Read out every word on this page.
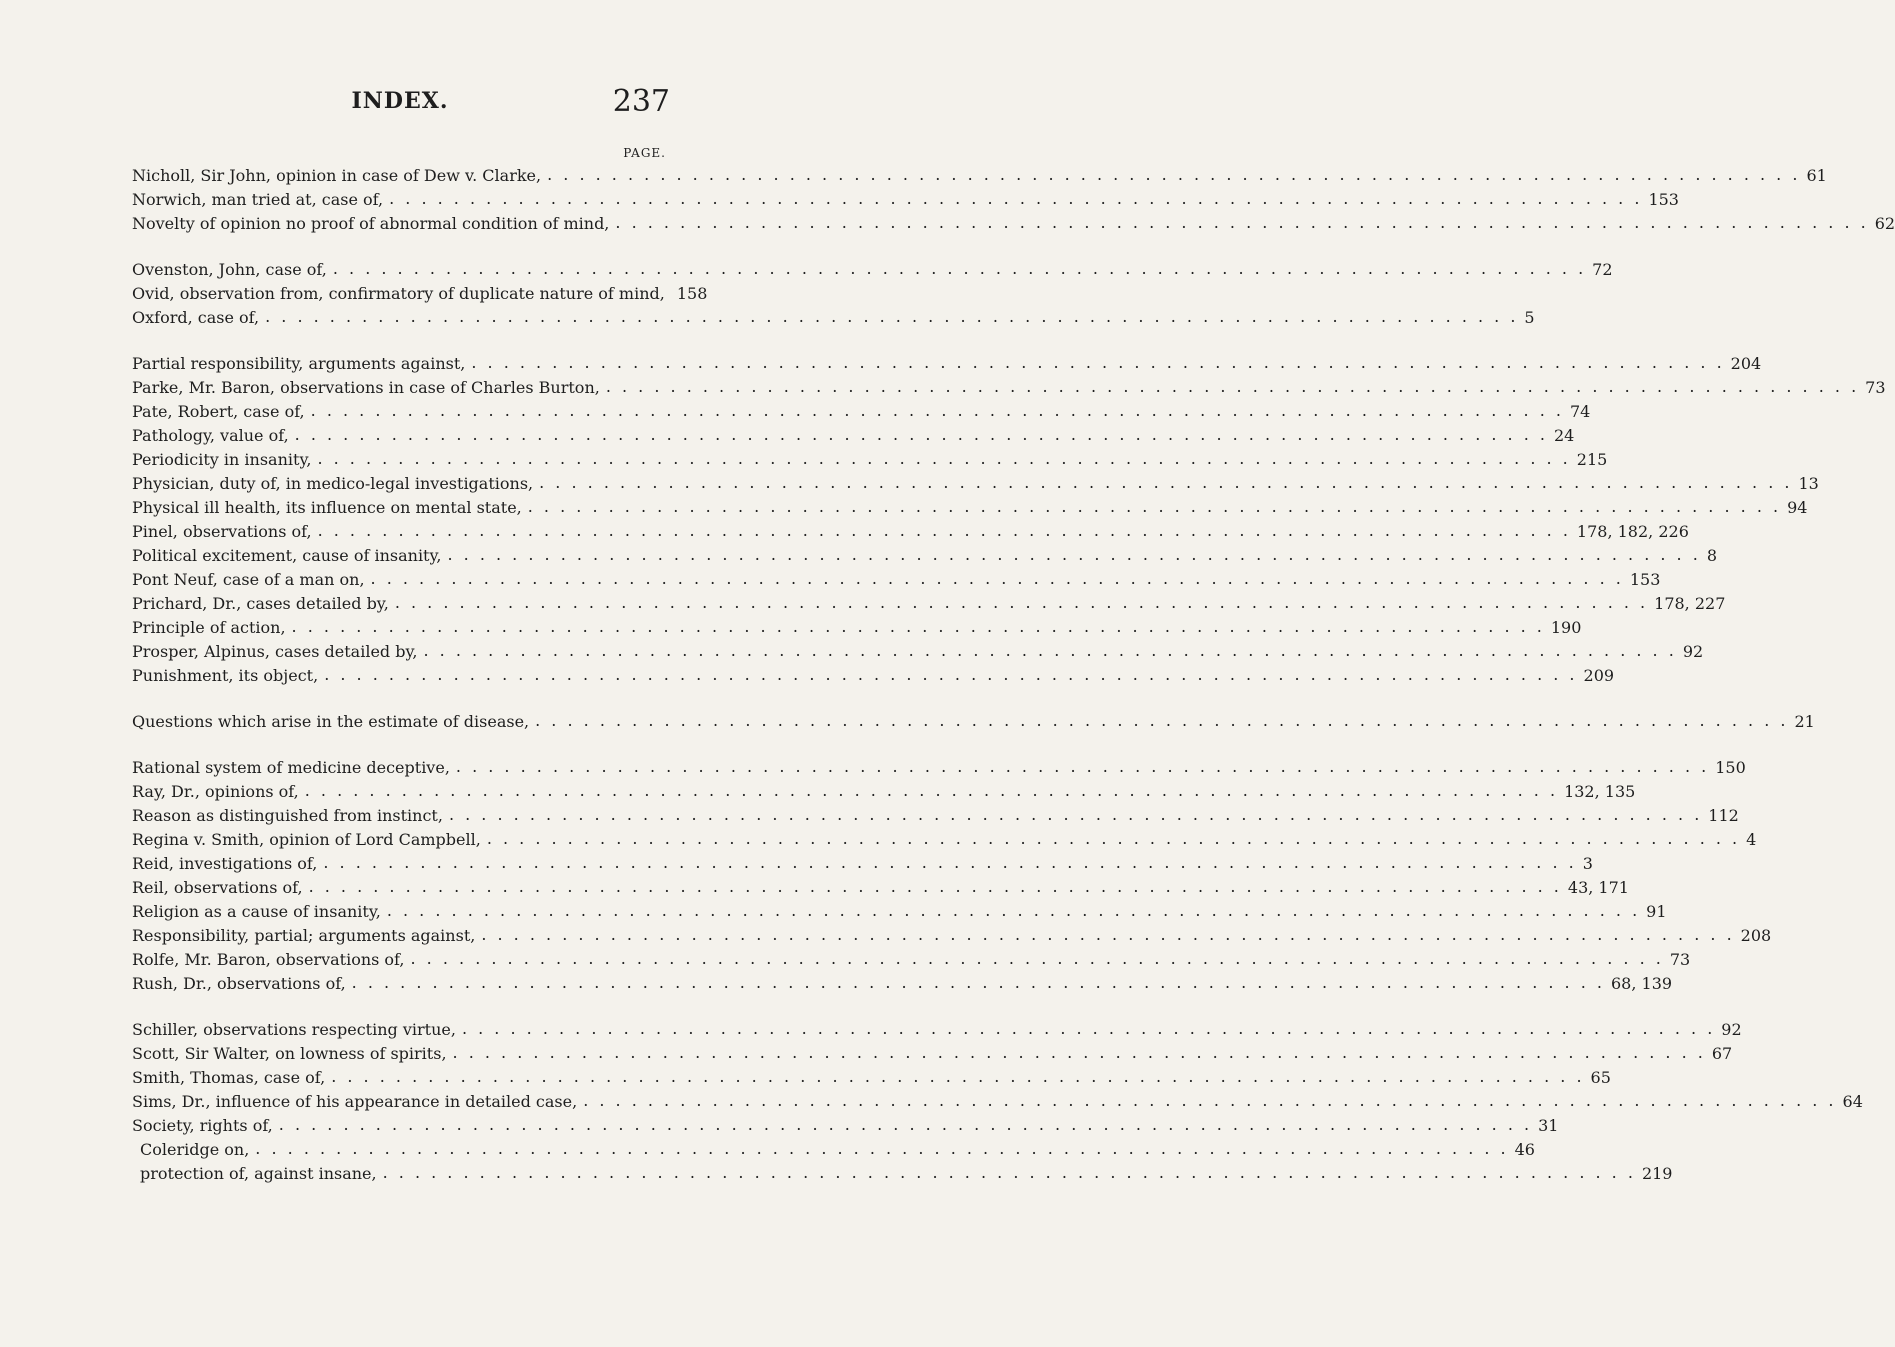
INDEX.	237
PAGE.
Nicholl, Sir John, opinion in case of Dew v. Clarke, . . .	61
Norwich, man tried at, case of, . . .	153
Novelty of opinion no proof of abnormal condition of mind, . . .	62
Ovenston, John, case of, . . .	72
Ovid, observation from, confirmatory of duplicate nature of mind, 158
Oxford, case of, . . .	5
Partial responsibility, arguments against, . . .	204
Parke, Mr. Baron, observations in case of Charles Burton, . . .	73
Pate, Robert, case of, . . .	74
Pathology, value of, . . .	24
Periodicity in insanity, . . .	215
Physician, duty of, in medico-legal investigations, . . .	13
Physical ill health, its influence on mental state, . . .	94
Pinel, observations of, . . .	178, 182, 226
Political excitement, cause of insanity, . . .	8
Pont Neuf, case of a man on, . . .	153
Prichard, Dr., cases detailed by, . . .	178, 227
Principle of action, . . .	190
Prosper, Alpinus, cases detailed by, . . .	92
Punishment, its object, . . .	209
Questions which arise in the estimate of disease, . . .	21
Rational system of medicine deceptive, . . .	150
Ray, Dr., opinions of, . . .	132, 135
Reason as distinguished from instinct, . . .	112
Regina v. Smith, opinion of Lord Campbell, . . .	4
Reid, investigations of, . . .	3
Reil, observations of, . . .	43, 171
Religion as a cause of insanity, . . .	91
Responsibility, partial; arguments against, . . .	208
Rolfe, Mr. Baron, observations of, . . .	73
Rush, Dr., observations of, . . .	68, 139
Schiller, observations respecting virtue, . . .	92
Scott, Sir Walter, on lowness of spirits, . . .	67
Smith, Thomas, case of, . . .	65
Sims, Dr., influence of his appearance in detailed case, . . .	64
Society, rights of, . . .	31
Coleridge on, . . .	46
protection of, against insane, . . .	219
